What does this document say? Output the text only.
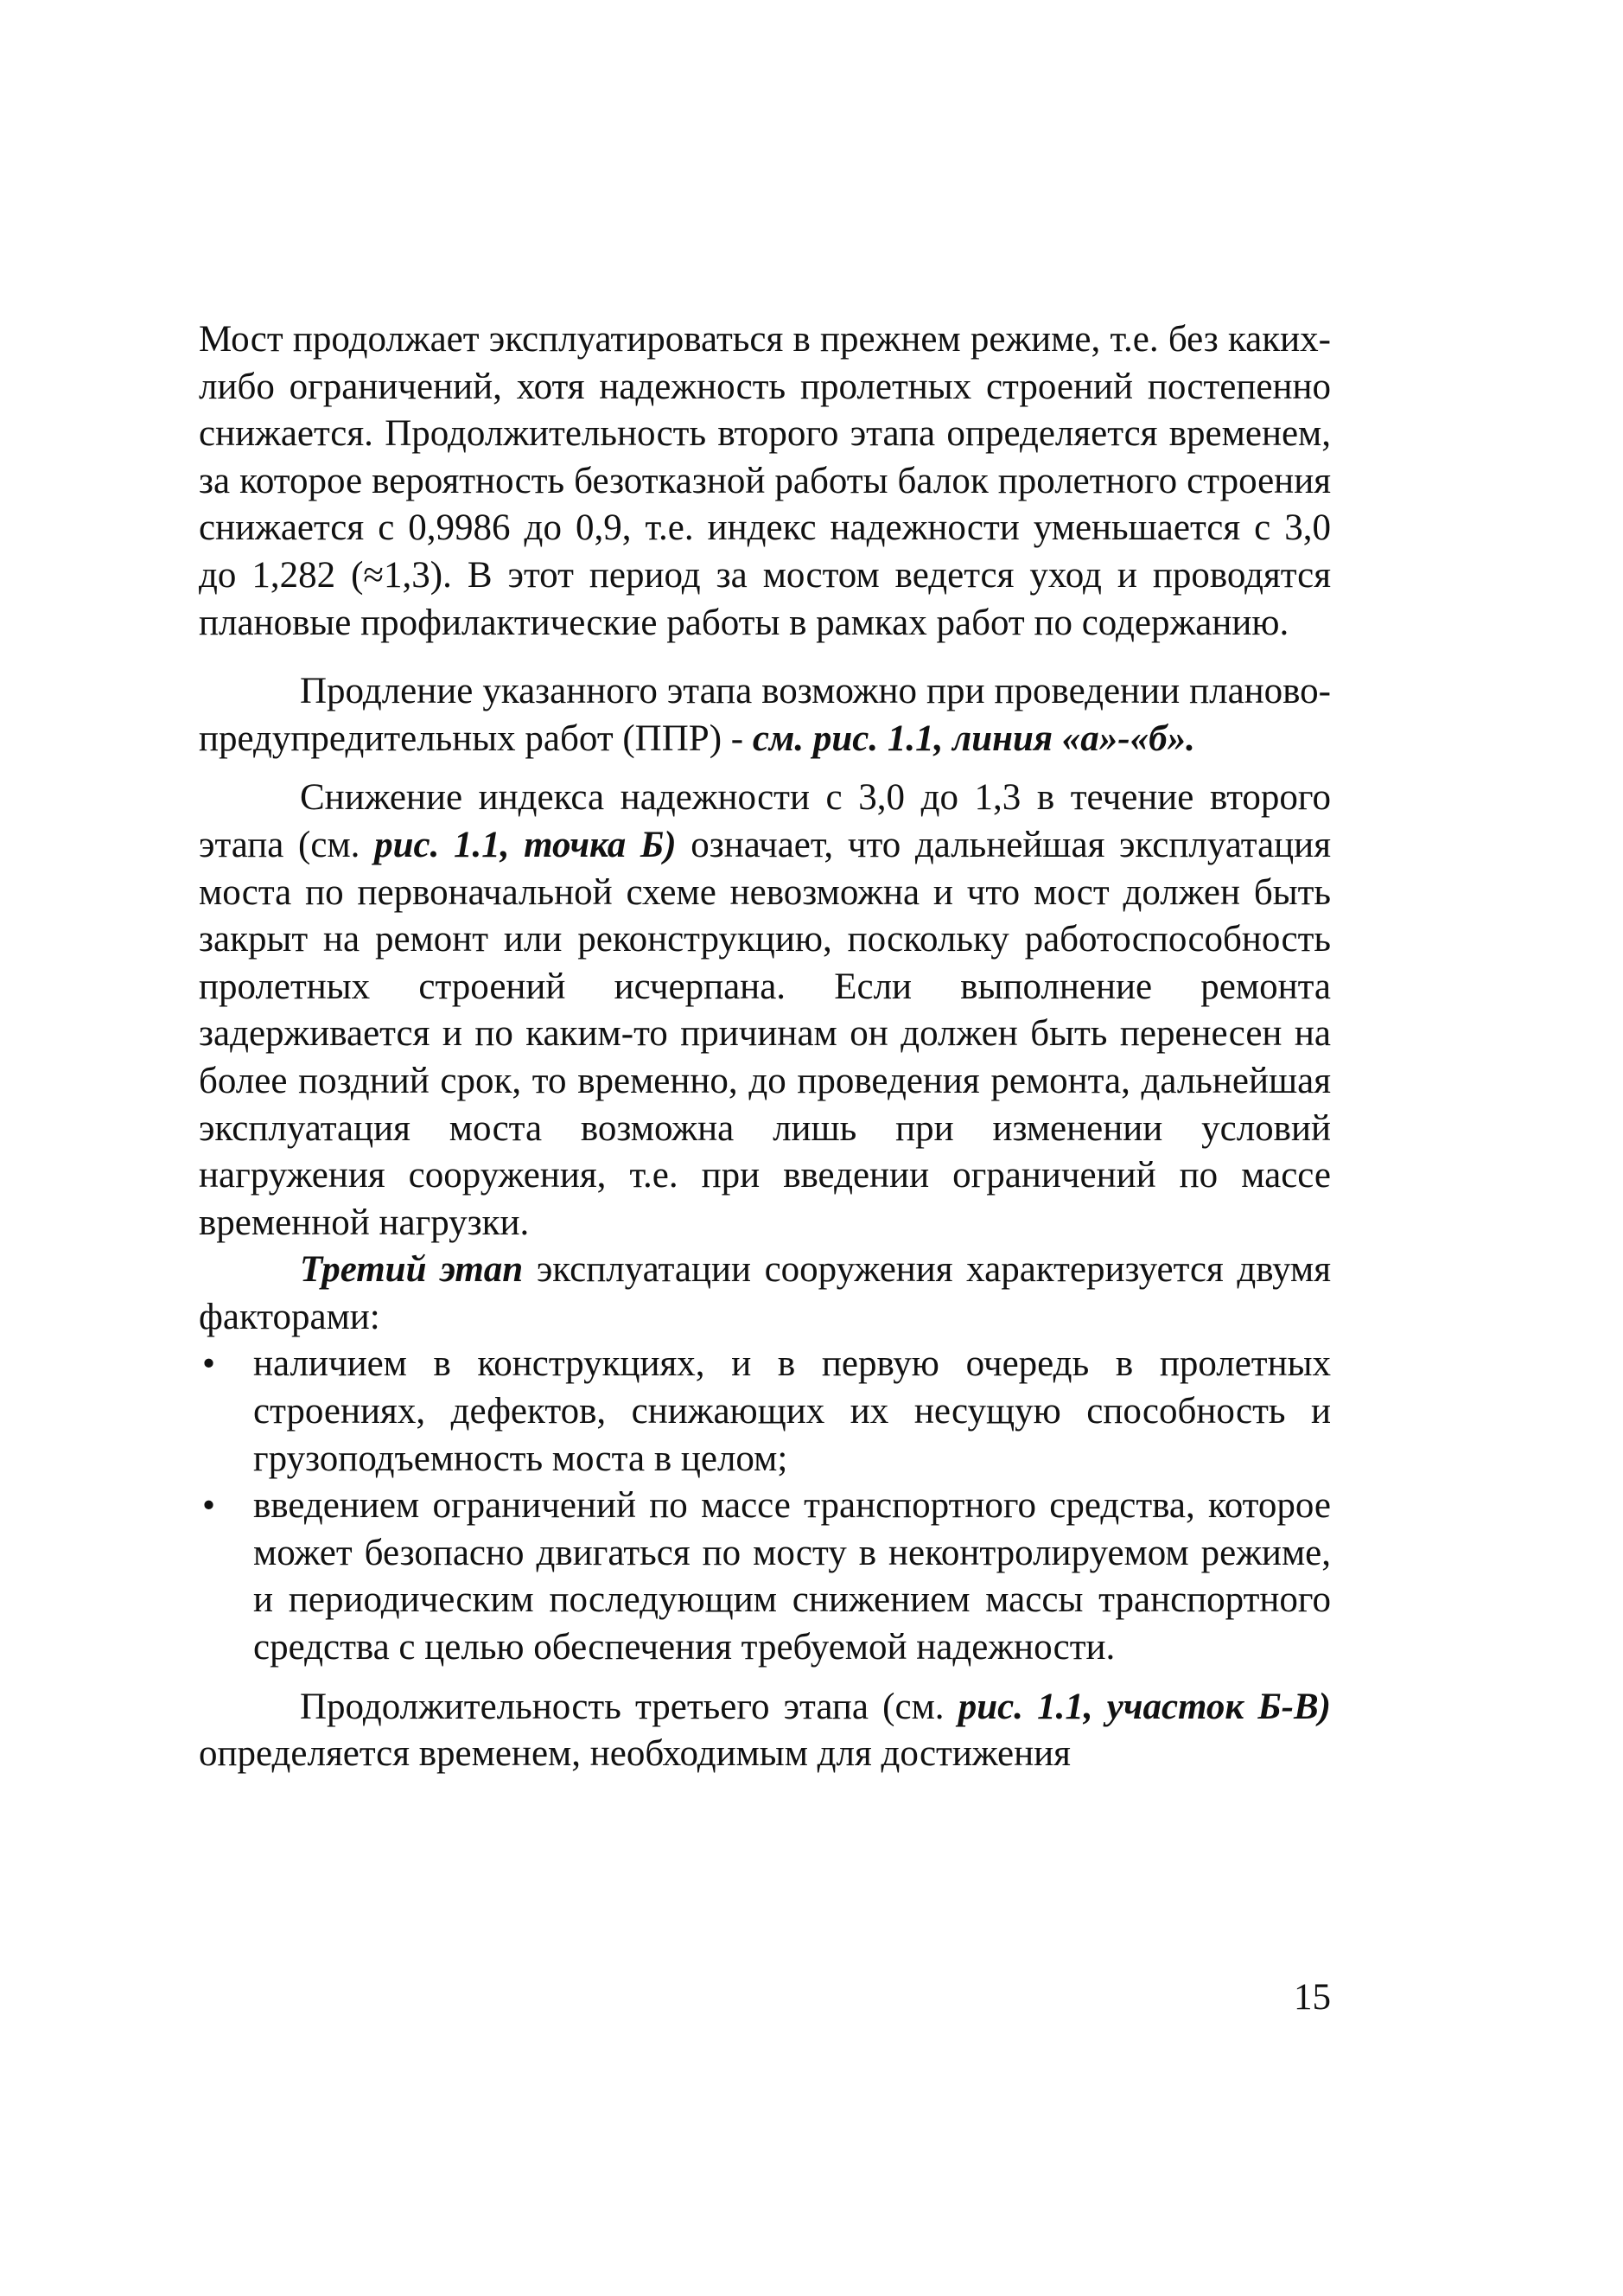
Мост продолжает эксплуатироваться в прежнем режиме, т.е. без каких-либо ограничений, хотя надежность пролетных строений постепенно снижается. Продолжительность второго этапа определяется временем, за которое вероятность безотказной работы балок пролетного строения снижается с 0,9986 до 0,9, т.е. индекс надежности уменьшается с 3,0 до 1,282 (≈1,3). В этот период за мостом ведется уход и проводятся плановые профилактические работы в рамках работ по содержанию.

Продление указанного этапа возможно при проведении планово-предупредительных работ (ППР) - см. рис. 1.1, линия «а»-«б».

Снижение индекса надежности с 3,0 до 1,3 в течение второго этапа (см. рис. 1.1, точка Б) означает, что дальнейшая эксплуатация моста по первоначальной схеме невозможна и что мост должен быть закрыт на ремонт или реконструкцию, поскольку работоспособность пролетных строений исчерпана. Если выполнение ремонта задерживается и по каким-то причинам он должен быть перенесен на более поздний срок, то временно, до проведения ремонта, дальнейшая эксплуатация моста возможна лишь при изменении условий нагружения сооружения, т.е. при введении ограничений по массе временной нагрузки.

Третий этап эксплуатации сооружения характеризуется двумя факторами:

•	наличием в конструкциях, и в первую очередь в пролетных строениях, дефектов, снижающих их несущую способность и грузоподъемность моста в целом;
•	введением ограничений по массе транспортного средства, которое может безопасно двигаться по мосту в неконтролируемом режиме, и периодическим последующим снижением массы транспортного средства с целью обеспечения требуемой надежности.

Продолжительность третьего этапа (см. рис. 1.1, участок Б-В) определяется временем, необходимым для достижения

15
